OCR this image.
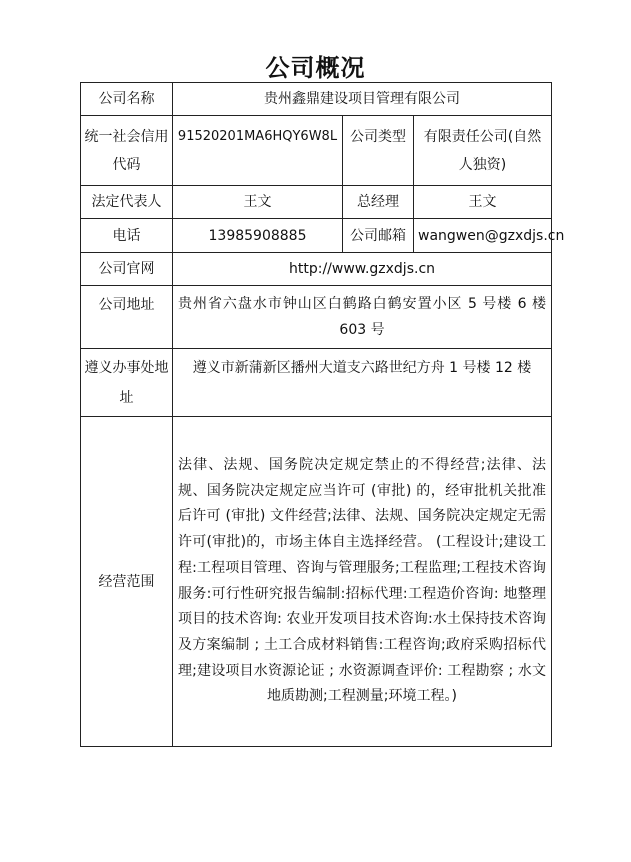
公司概况
公司名称	贵州鑫鼎建设项目管理有限公司		
统一社会信用代码	91520201MA6HQY6W8L	公司类型	有限责任公司(自然人独资)
法定代表人	王文	总经理	王文
电话	13985908885	公司邮箱	wangwen@gzxdjs.cn
公司官网	http://www.gzxdjs.cn		
公司地址	贵州省六盘水市钟山区白鹤路白鹤安置小区 5 号楼 6 楼 603 号		
遵义办事处地址	遵义市新蒲新区播州大道支六路世纪方舟 1 号楼 12 楼		
经营范围	法律、法规、国务院决定规定禁止的不得经营;法律、法规、国务院决定规定应当许可 (审批) 的，经审批机关批准后许可 (审批) 文件经营;法律、法规、国务院决定规定无需许可(审批)的，市场主体自主选择经营。 (工程设计;建设工程:工程项目管理、咨询与管理服务;工程监理;工程技术咨询服务:可行性研究报告编制:招标代理:工程造价咨询: 地整理项目的技术咨询: 农业开发项目技术咨询:水土保持技术咨询及方案编制 ; 土工合成材料销售:工程咨询;政府采购招标代理;建设项目水资源论证 ; 水资源调查评价: 工程勘察 ; 水文地质勘测;工程测量;环境工程。)		
